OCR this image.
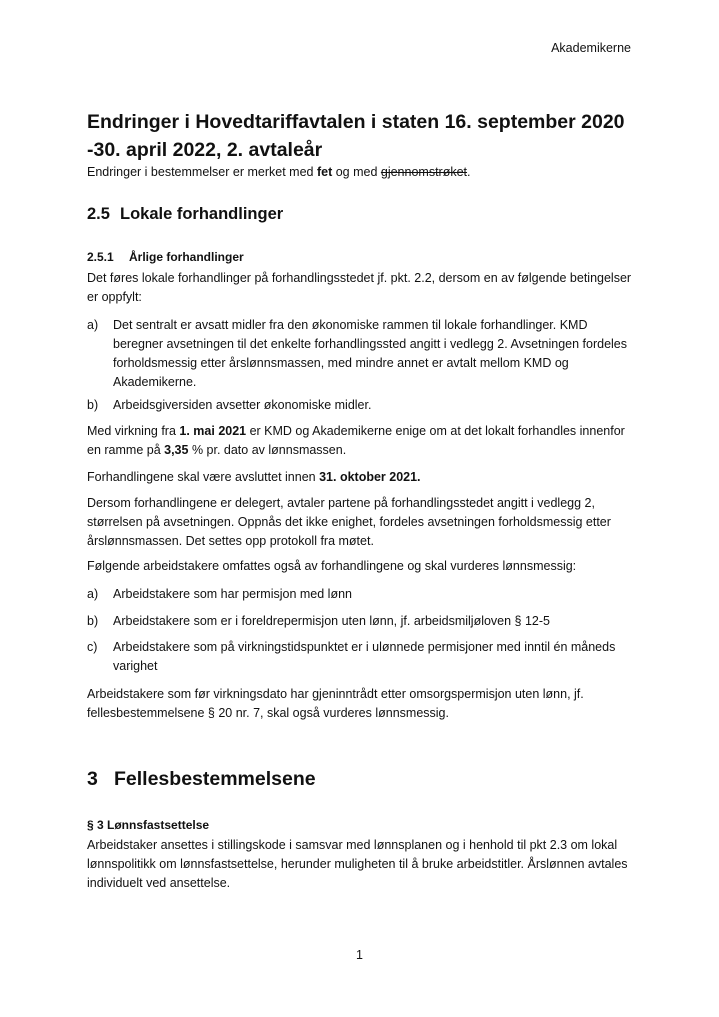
Akademikerne
Endringer i Hovedtariffavtalen i staten 16. september 2020 -30. april 2022, 2. avtaleår
Endringer i bestemmelser er merket med fet og med gjennomstrøket.
2.5 Lokale forhandlinger
2.5.1 Årlige forhandlinger

Det føres lokale forhandlinger på forhandlingsstedet jf. pkt. 2.2, dersom en av følgende betingelser er oppfylt:

a) Det sentralt er avsatt midler fra den økonomiske rammen til lokale forhandlinger. KMD beregner avsetningen til det enkelte forhandlingssted angitt i vedlegg 2. Avsetningen fordeles forholdsmessig etter årslønnsmassen, med mindre annet er avtalt mellom KMD og Akademikerne.
b) Arbeidsgiversiden avsetter økonomiske midler.

Med virkning fra 1. mai 2021 er KMD og Akademikerne enige om at det lokalt forhandles innenfor en ramme på 3,35 % pr. dato av lønnsmassen.

Forhandlingene skal være avsluttet innen 31. oktober 2021.

Dersom forhandlingene er delegert, avtaler partene på forhandlingsstedet angitt i vedlegg 2, størrelsen på avsetningen. Oppnås det ikke enighet, fordeles avsetningen forholdsmessig etter årslønnsmassen. Det settes opp protokoll fra møtet.

Følgende arbeidstakere omfattes også av forhandlingene og skal vurderes lønnsmessig:

a) Arbeidstakere som har permisjon med lønn
b) Arbeidstakere som er i foreldrepermisjon uten lønn, jf. arbeidsmiljøloven § 12-5
c) Arbeidstakere som på virkningstidspunktet er i ulønnede permisjoner med inntil én måneds varighet

Arbeidstakere som før virkningsdato har gjeninntrådt etter omsorgspermisjon uten lønn, jf. fellesbestemmelsene § 20 nr. 7, skal også vurderes lønnsmessig.

3 Fellesbestemmelsene
§ 3 Lønnsfastsettelse

Arbeidstaker ansettes i stillingskode i samsvar med lønnsplanen og i henhold til pkt 2.3 om lokal lønnspolitikk om lønnsfastsettelse, herunder muligheten til å bruke arbeidstitler. Årslønnen avtales individuelt ved ansettelse.

1
